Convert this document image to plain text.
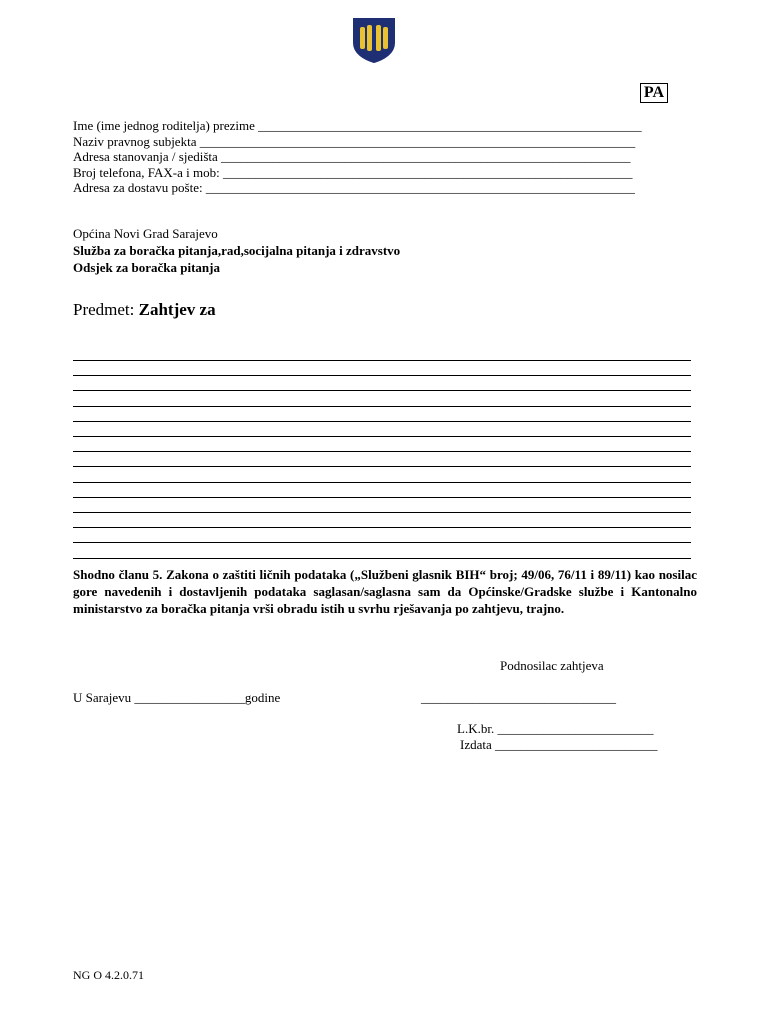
PA
Ime (ime jednog roditelja) prezime ___________________________________________________________
Naziv pravnog subjekta ___________________________________________________________________
Adresa stanovanja / sjedišta _______________________________________________________________
Broj telefona, FAX-a i mob: _______________________________________________________________
Adresa za dostavu pošte: __________________________________________________________________
Općina Novi Grad Sarajevo
Služba za boračka pitanja,rad,socijalna pitanja i zdravstvo
Odsjek za boračka pitanja
Predmet: Zahtjev za
Shodno članu 5. Zakona o zaštiti ličnih podataka („Službeni glasnik BIH“ broj; 49/06, 76/11 i 89/11) kao nosilac gore navedenih i dostavljenih podataka saglasan/saglasna sam da Općinske/Gradske službe i Kantonalno ministarstvo za boračka pitanja vrši obradu istih u svrhu rješavanja po zahtjevu, trajno.
Podnosilac zahtjeva
U Sarajevu _________________godine	______________________________
L.K.br. ________________________
Izdata _________________________
NG O 4.2.0.71
